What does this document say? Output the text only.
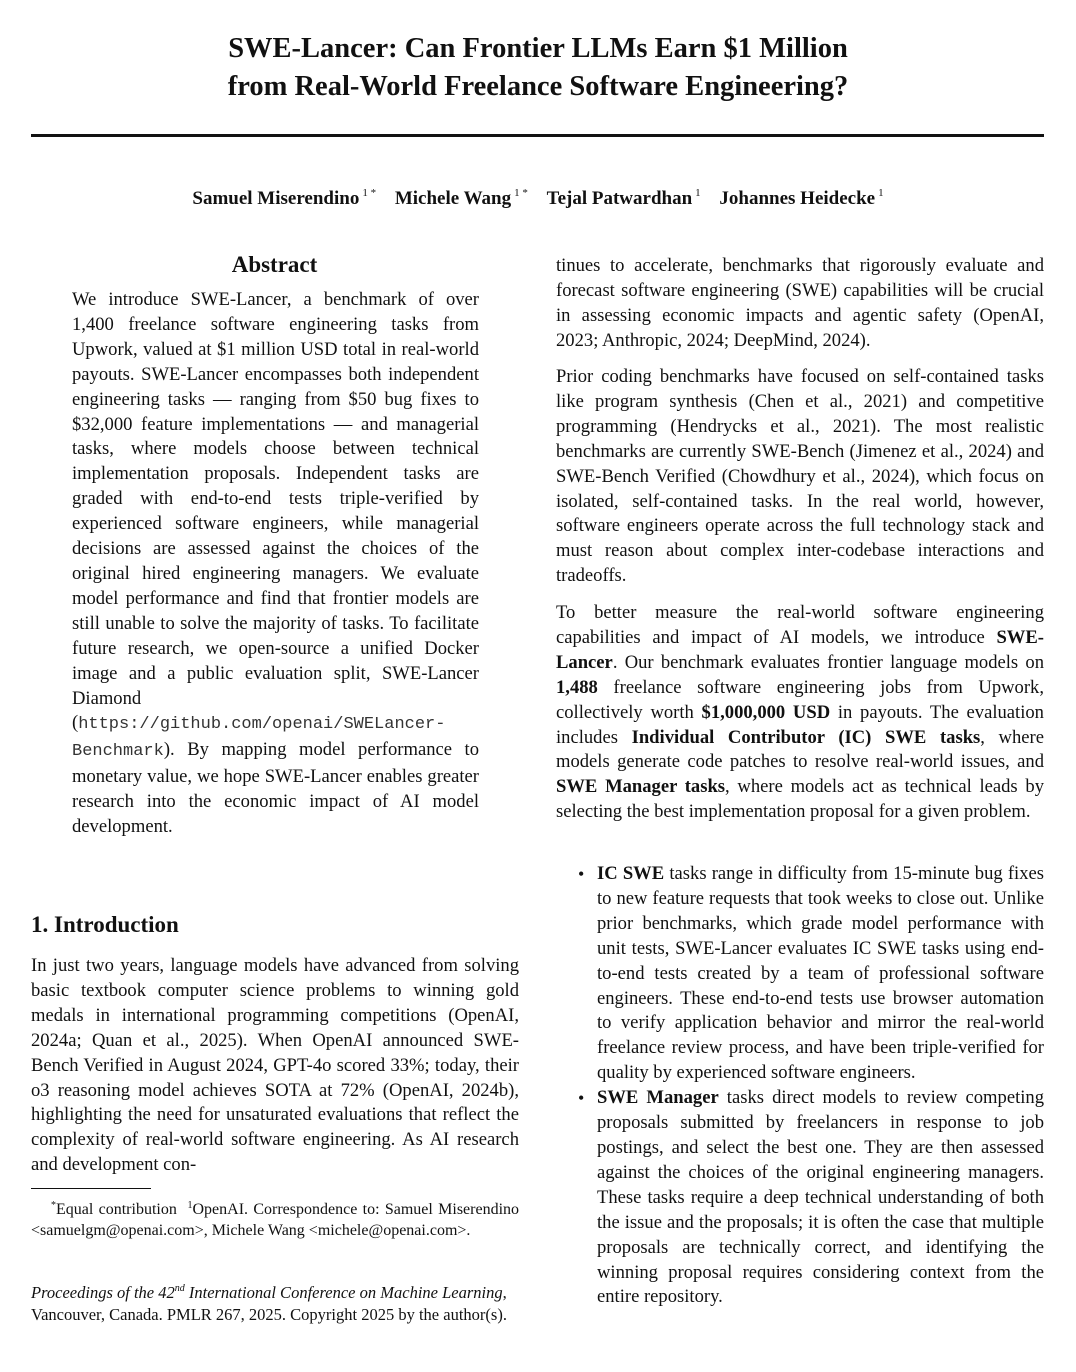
SWE-Lancer: Can Frontier LLMs Earn $1 Million
from Real-World Freelance Software Engineering?
Samuel Miserendino $^{1 *}$ Michele Wang $^{1 *}$ Tejal Patwardhan $^1$ Johannes Heidecke $^1$
Abstract
We introduce SWE-Lancer, a benchmark of over 1,400 freelance software engineering tasks from Upwork, valued at $1 million USD total in real-world payouts. SWE-Lancer encompasses both independent engineering tasks — ranging from $50 bug fixes to $32,000 feature implementations — and managerial tasks, where models choose between technical implementation proposals. Independent tasks are graded with end-to-end tests triple-verified by experienced software engineers, while managerial decisions are assessed against the choices of the original hired engineering managers. We evaluate model performance and find that frontier models are still unable to solve the majority of tasks. To facilitate future research, we open-source a unified Docker image and a public evaluation split, SWE-Lancer Diamond (https://github.com/openai/SWELancer-Benchmark). By mapping model performance to monetary value, we hope SWE-Lancer enables greater research into the economic impact of AI model development.
1. Introduction

In just two years, language models have advanced from solving basic textbook computer science problems to winning gold medals in international programming competitions (OpenAI, 2024a; Quan et al., 2025). When OpenAI announced SWE-Bench Verified in August 2024, GPT-4o scored 33%; today, their o3 reasoning model achieves SOTA at 72% (OpenAI, 2024b), highlighting the need for unsaturated evaluations that reflect the complexity of real-world software engineering. As AI research and development con-

*Equal contribution $^1$OpenAI. Correspondence to: Samuel Miserendino <samuelgm@openai.com>, Michele Wang <michele@openai.com>.
Proceedings of the 42nd International Conference on Machine Learning, Vancouver, Canada. PMLR 267, 2025. Copyright 2025 by the author(s).

tinues to accelerate, benchmarks that rigorously evaluate and forecast software engineering (SWE) capabilities will be crucial in assessing economic impacts and agentic safety (OpenAI, 2023; Anthropic, 2024; DeepMind, 2024).

Prior coding benchmarks have focused on self-contained tasks like program synthesis (Chen et al., 2021) and competitive programming (Hendrycks et al., 2021). The most realistic benchmarks are currently SWE-Bench (Jimenez et al., 2024) and SWE-Bench Verified (Chowdhury et al., 2024), which focus on isolated, self-contained tasks. In the real world, however, software engineers operate across the full technology stack and must reason about complex inter-codebase interactions and tradeoffs.

To better measure the real-world software engineering capabilities and impact of AI models, we introduce SWE-Lancer. Our benchmark evaluates frontier language models on 1,488 freelance software engineering jobs from Upwork, collectively worth $1,000,000 USD in payouts. The evaluation includes Individual Contributor (IC) SWE tasks, where models generate code patches to resolve real-world issues, and SWE Manager tasks, where models act as technical leads by selecting the best implementation proposal for a given problem.

• IC SWE tasks range in difficulty from 15-minute bug fixes to new feature requests that took weeks to close out. Unlike prior benchmarks, which grade model performance with unit tests, SWE-Lancer evaluates IC SWE tasks using end-to-end tests created by a team of professional software engineers. These end-to-end tests use browser automation to verify application behavior and mirror the real-world freelance review process, and have been triple-verified for quality by experienced software engineers.

• SWE Manager tasks direct models to review competing proposals submitted by freelancers in response to job postings, and select the best one. They are then assessed against the choices of the original engineering managers. These tasks require a deep technical understanding of both the issue and the proposals; it is often the case that multiple proposals are technically correct, and identifying the winning proposal requires considering context from the entire repository.
